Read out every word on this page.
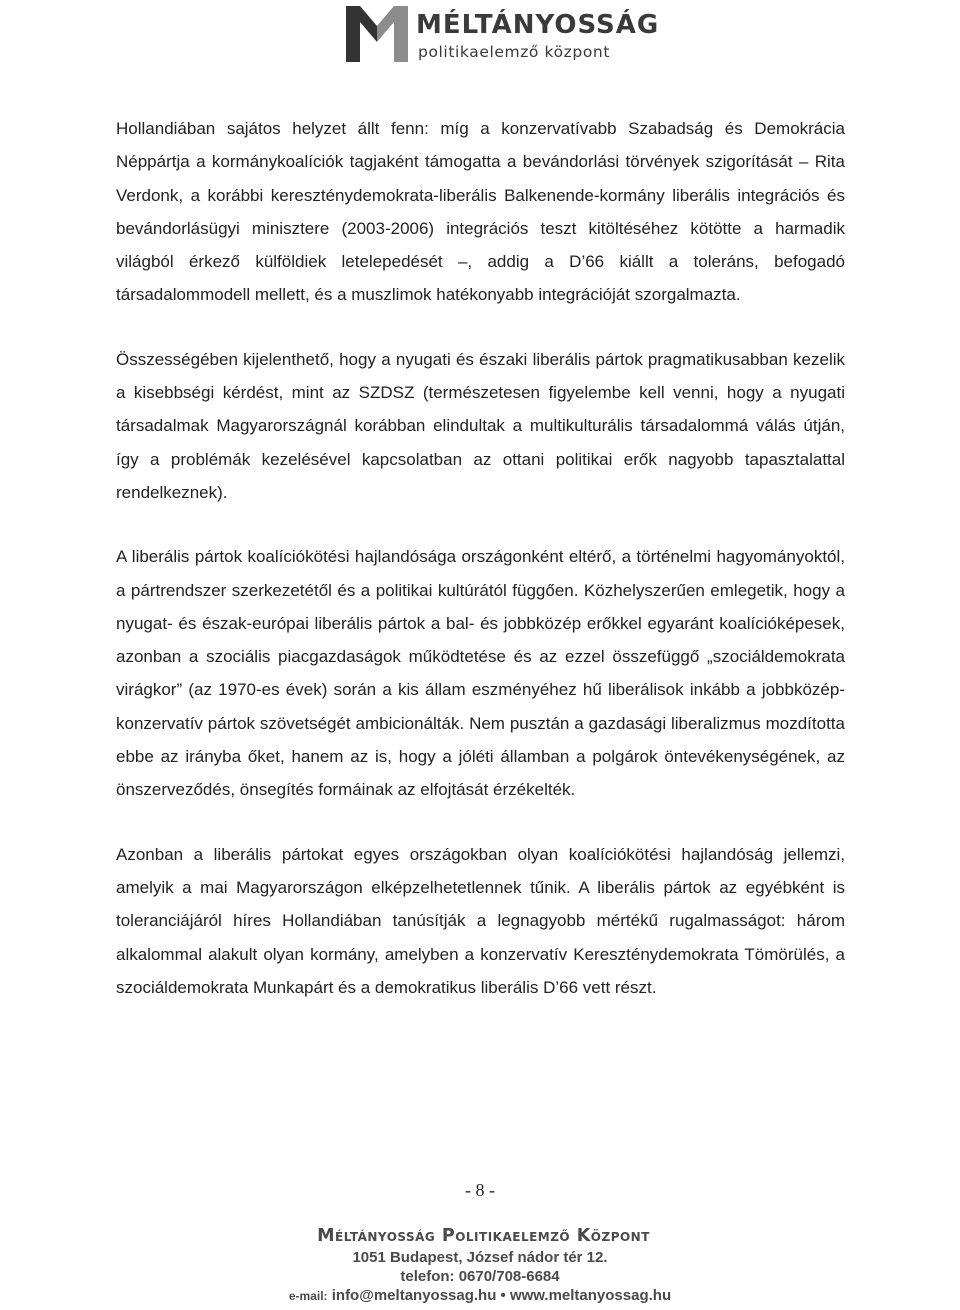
MÉLTÁNYOSSÁG
politikaelemző központ

Hollandiában sajátos helyzet állt fenn: míg a konzervatívabb Szabadság és Demokrácia Néppártja a kormánykoalíciók tagjaként támogatta a bevándorlási törvények szigorítását – Rita Verdonk, a korábbi kereszténydemokrata-liberális Balkenende-kormány liberális integrációs és bevándorlásügyi minisztere (2003-2006) integrációs teszt kitöltéséhez kötötte a harmadik világból érkező külföldiek letelepedését –, addig a D’66 kiállt a toleráns, befogadó társadalommodell mellett, és a muszlimok hatékonyabb integrációját szorgalmazta.

Összességében kijelenthető, hogy a nyugati és északi liberális pártok pragmatikusabban kezelik a kisebbségi kérdést, mint az SZDSZ (természetesen figyelembe kell venni, hogy a nyugati társadalmak Magyarországnál korábban elindultak a multikulturális társadalommá válás útján, így a problémák kezelésével kapcsolatban az ottani politikai erők nagyobb tapasztalattal rendelkeznek).

A liberális pártok koalíciókötési hajlandósága országonként eltérő, a történelmi hagyományoktól, a pártrendszer szerkezetétől és a politikai kultúrától függően. Közhelyszerűen emlegetik, hogy a nyugat- és észak-európai liberális pártok a bal- és jobbközép erőkkel egyaránt koalícióképesek, azonban a szociális piacgazdaságok működtetése és az ezzel összefüggő „szociáldemokrata virágkor” (az 1970-es évek) során a kis állam eszményéhez hű liberálisok inkább a jobbközép-konzervatív pártok szövetségét ambicionálták. Nem pusztán a gazdasági liberalizmus mozdította ebbe az irányba őket, hanem az is, hogy a jóléti államban a polgárok öntevékenységének, az önszerveződés, önsegítés formáinak az elfojtását érzékelték.

Azonban a liberális pártokat egyes országokban olyan koalíciókötési hajlandóság jellemzi, amelyik a mai Magyarországon elképzelhetetlennek tűnik. A liberális pártok az egyébként is toleranciájáról híres Hollandiában tanúsítják a legnagyobb mértékű rugalmasságot: három alkalommal alakult olyan kormány, amelyben a konzervatív Kereszténydemokrata Tömörülés, a szociáldemokrata Munkapárt és a demokratikus liberális D’66 vett részt.

- 8 -
Méltányosság Politikaelemző Központ
1051 Budapest, József nádor tér 12.
telefon: 0670/708-6684
e-mail: info@meltanyossag.hu • www.meltanyossag.hu
